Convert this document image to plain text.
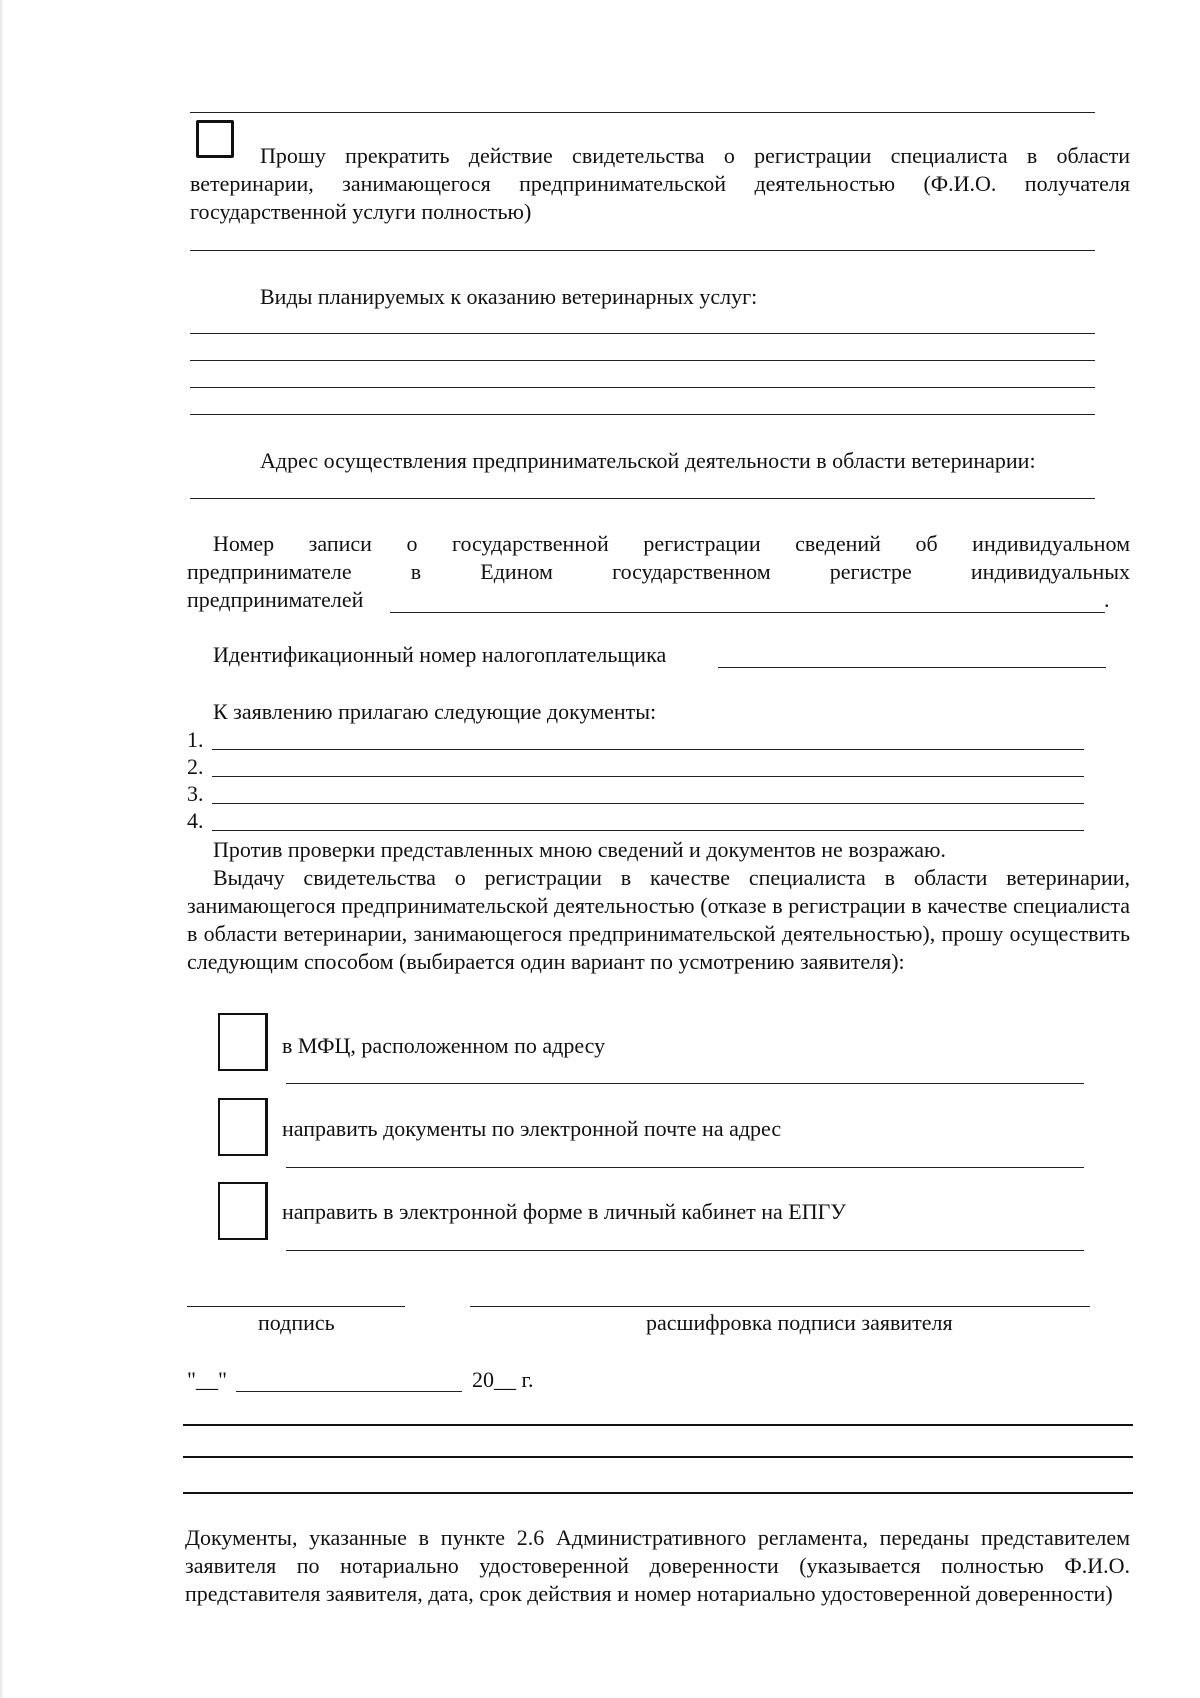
Прошу прекратить действие свидетельства о регистрации специалиста в области ветеринарии, занимающегося предпринимательской деятельностью (Ф.И.О. получателя государственной услуги полностью)
Виды планируемых к оказанию ветеринарных услуг:
Адрес осуществления предпринимательской деятельности в области ветеринарии:
Номер записи о государственной регистрации сведений об индивидуальном
предпринимателе в Едином государственном регистре индивидуальных
предпринимателей	.
Идентификационный номер налогоплательщика
К заявлению прилагаю следующие документы:
1.
2.
3.
4.
Против проверки представленных мною сведений и документов не возражаю.
Выдачу свидетельства о регистрации в качестве специалиста в области ветеринарии, занимающегося предпринимательской деятельностью (отказе в регистрации в качестве специалиста в области ветеринарии, занимающегося предпринимательской деятельностью), прошу осуществить следующим способом (выбирается один вариант по усмотрению заявителя):
в МФЦ, расположенном по адресу
направить документы по электронной почте на адрес
направить в электронной форме в личный кабинет на ЕПГУ
подпись	расшифровка подписи заявителя
"__"	20__ г.
Документы, указанные в пункте 2.6 Административного регламента, переданы представителем заявителя по нотариально удостоверенной доверенности (указывается полностью Ф.И.О. представителя заявителя, дата, срок действия и номер нотариально удостоверенной доверенности)
